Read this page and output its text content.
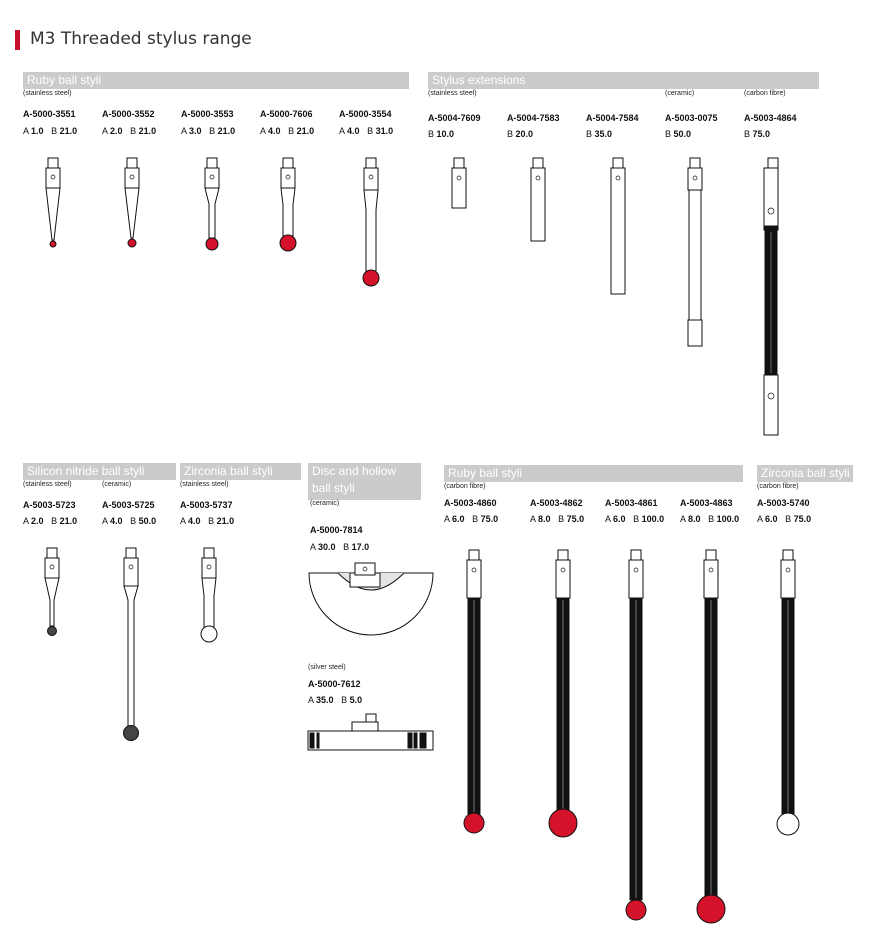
M3 Threaded stylus range
Ruby ball styli
(stainless steel)
A-5000-3551
A 1.0 B 21.0
A-5000-3552
A 2.0 B 21.0
A-5000-3553
A 3.0 B 21.0
A-5000-7606
A 4.0 B 21.0
A-5000-3554
A 4.0 B 31.0
Stylus extensions
(stainless steel)	(ceramic)	(carbon fibre)
A-5004-7609
B 10.0
A-5004-7583
B 20.0
A-5004-7584
B 35.0
A-5003-0075
B 50.0
A-5003-4864
B 75.0
Silicon nitride ball styli
(stainless steel)	(ceramic)
A-5003-5723
A 2.0 B 21.0
A-5003-5725
A 4.0 B 50.0
Zirconia ball styli
(stainless steel)
A-5003-5737
A 4.0 B 21.0
Disc and hollow
ball styli
(ceramic)
A-5000-7814
A 30.0 B 17.0
(silver steel)
A-5000-7612
A 35.0 B 5.0
Ruby ball styli
(carbon fibre)
A-5003-4860
A 6.0 B 75.0
A-5003-4862
A 8.0 B 75.0
A-5003-4861
A 6.0 B 100.0
A-5003-4863
A 8.0 B 100.0
Zirconia ball styli
(carbon fibre)
A-5003-5740
A 6.0 B 75.0
